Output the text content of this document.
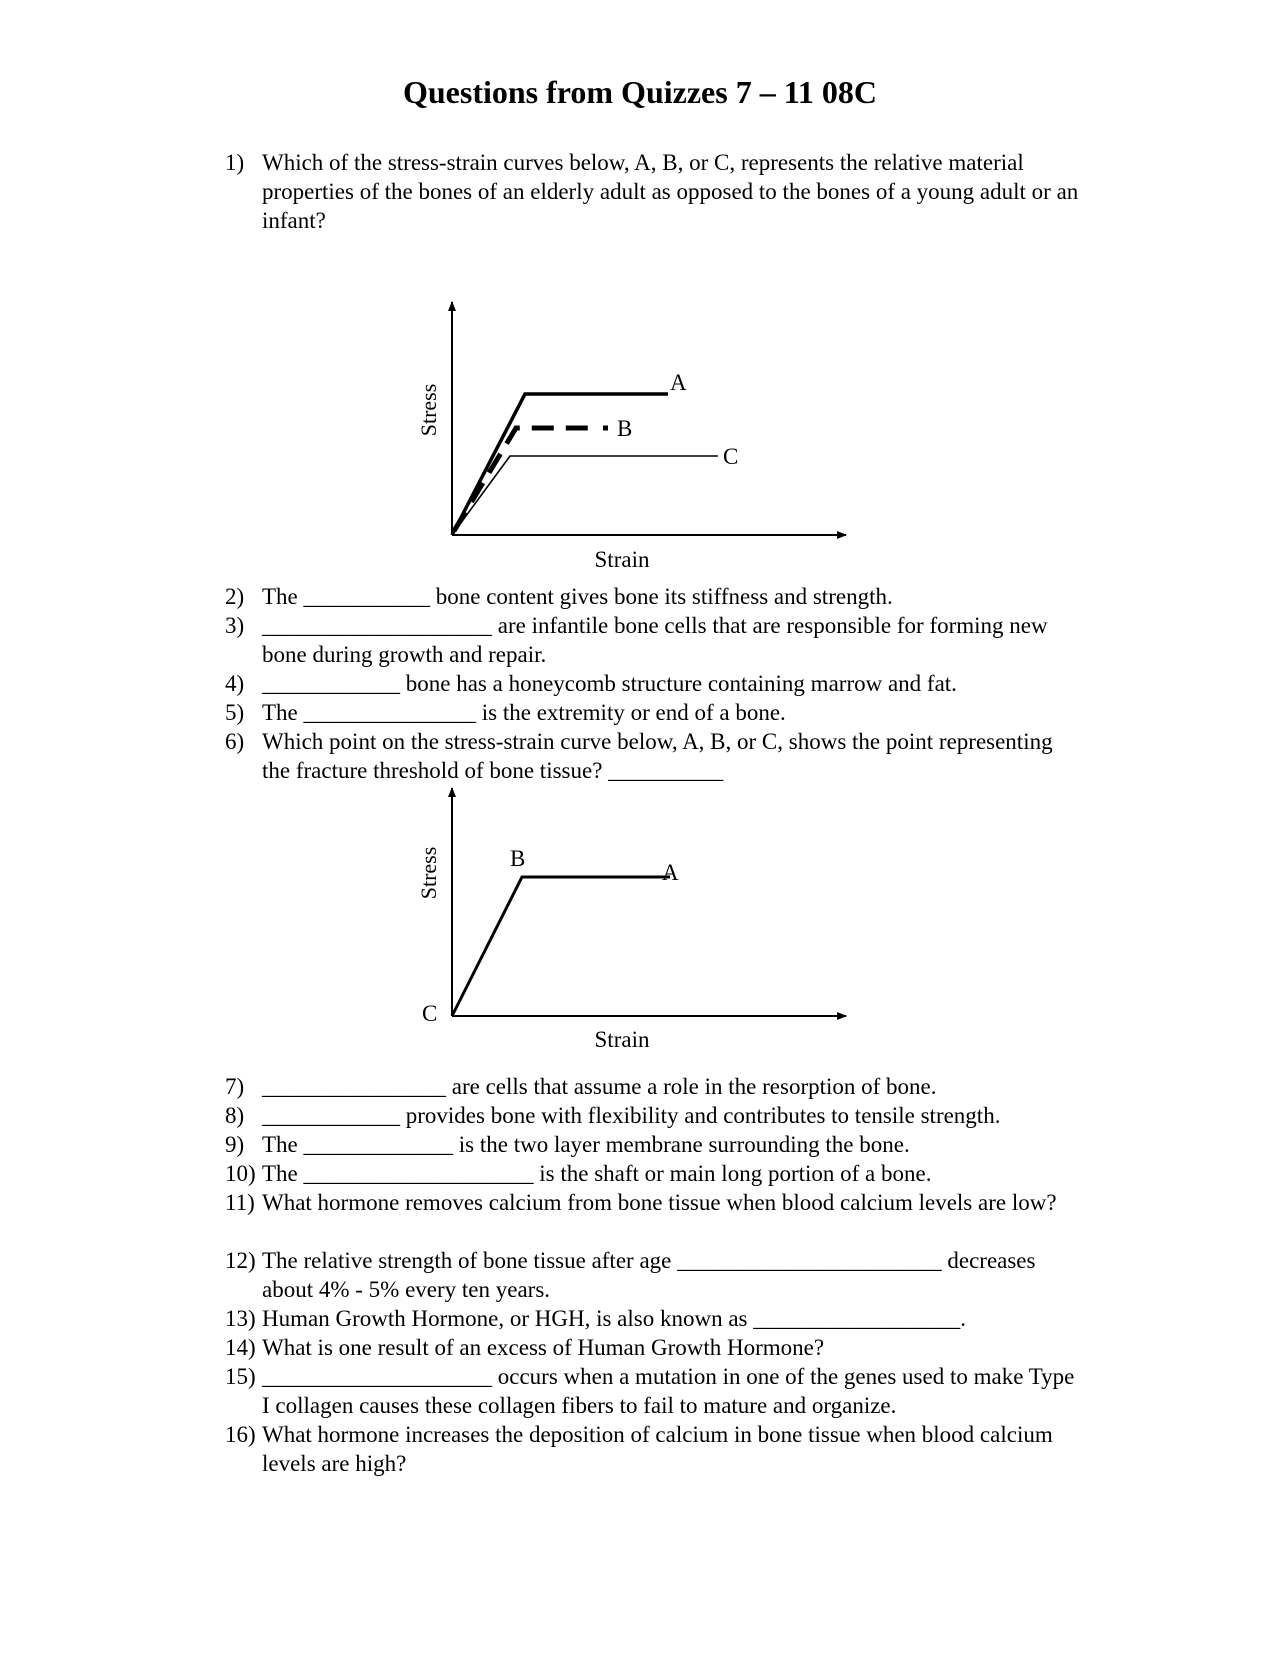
Questions from Quizzes 7 – 11 08C
1) Which of the stress-strain curves below, A, B, or C, represents the relative material properties of the bones of an elderly adult as opposed to the bones of a young adult or an infant?
Stress
Strain
A
B
C
2) The ___________ bone content gives bone its stiffness and strength.
3) ____________________ are infantile bone cells that are responsible for forming new bone during growth and repair.
4) ____________ bone has a honeycomb structure containing marrow and fat.
5) The _______________ is the extremity or end of a bone.
6) Which point on the stress-strain curve below, A, B, or C, shows the point representing the fracture threshold of bone tissue? __________
Stress
Strain
C
B
A
7) ________________ are cells that assume a role in the resorption of bone.
8) ____________ provides bone with flexibility and contributes to tensile strength.
9) The _____________ is the two layer membrane surrounding the bone.
10) The ____________________ is the shaft or main long portion of a bone.
11) What hormone removes calcium from bone tissue when blood calcium levels are low?
12) The relative strength of bone tissue after age _______________________ decreases about 4% - 5% every ten years.
13) Human Growth Hormone, or HGH, is also known as __________________.
14) What is one result of an excess of Human Growth Hormone?
15) ____________________ occurs when a mutation in one of the genes used to make Type I collagen causes these collagen fibers to fail to mature and organize.
16) What hormone increases the deposition of calcium in bone tissue when blood calcium levels are high?
